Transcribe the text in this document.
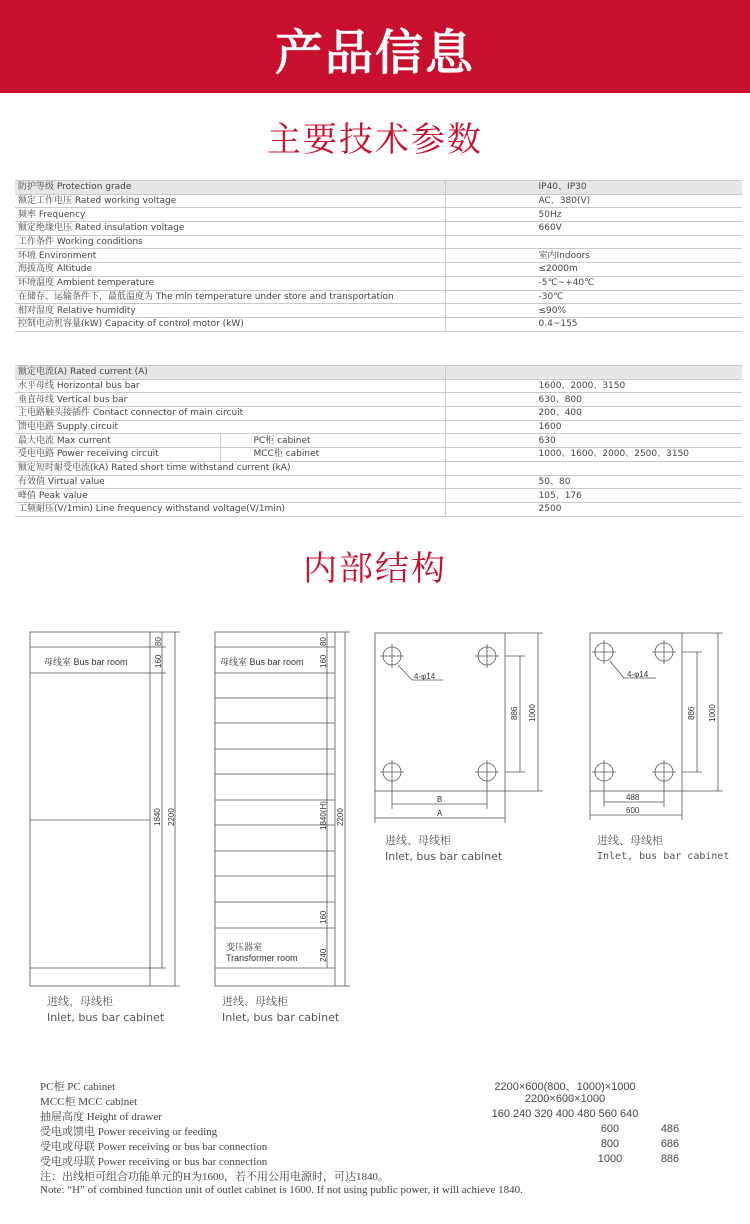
产品信息
主要技术参数
防护等级 Protection grade	IP40、IP30
额定工作电压 Rated working voltage	AC、380(V)
频率 Frequency	50Hz
额定绝缘电压 Rated insulation voltage	660V
工作条件 Working conditions	
环境 Environment	室内Indoors
海拔高度 Altitude	≤2000m
环境温度 Ambient temperature	-5℃~+40℃
在储存、运输条件下，最低温度为 The min temperature under store and transportation	-30℃
相对湿度 Relative humidity	≤90%
控制电动机容量(kW) Capacity of control motor (kW)	0.4~155
额定电流(A) Rated current (A)		
水平母线 Horizontal bus bar		1600、2000、3150
垂直母线 Vertical bus bar		630、800
主电路触头接插件 Contact connector of main circuit		200、400
馈电电路 Supply circuit		1600
最大电流 Max current	PC柜 cabinet	630
受电电路 Power receiving circuit	MCC柜 cabinet	1000、1600、2000、2500、3150
额定短时耐受电流(kA) Rated short time withstand current (kA)		
有效值 Virtual value		50、80
峰值 Peak value		105、176
工频耐压(V/1min) Line frequency withstand voltage(V/1min)		2500
内部结构
母线室 Bus bar room
80
160
1840 2200
母线室 Bus bar room
变压器室
Transformer room
80
160
1840(H) 2200
160
240
4-φ14
886 1000
B
A
4-φ14
886 1000
488
600
进线、母线柜
Inlet, bus bar cabinet
进线、母线柜
Inlet, bus bar cabinet
进线、母线柜
Inlet, bus bar cabinet
进线、母线柜
Inlet, bus bar cabinet
PC柜 PC cabinet	2200×600(800、1000)×1000
MCC柜 MCC cabinet	2200×600×1000
抽屉高度 Height of drawer	160 240 320 400 480 560 640
受电或馈电 Power receiving or feeding	600	486
受电或母联 Power receiving or bus bar connection	800	686
受电或母联 Power receiving or bus bar connection	1000	886
注：出线柜可组合功能单元的H为1600，若不用公用电源时，可达1840。
Note: “H” of combined function unit of outlet cabinet is 1600. If not using public power, it will achieve 1840.
